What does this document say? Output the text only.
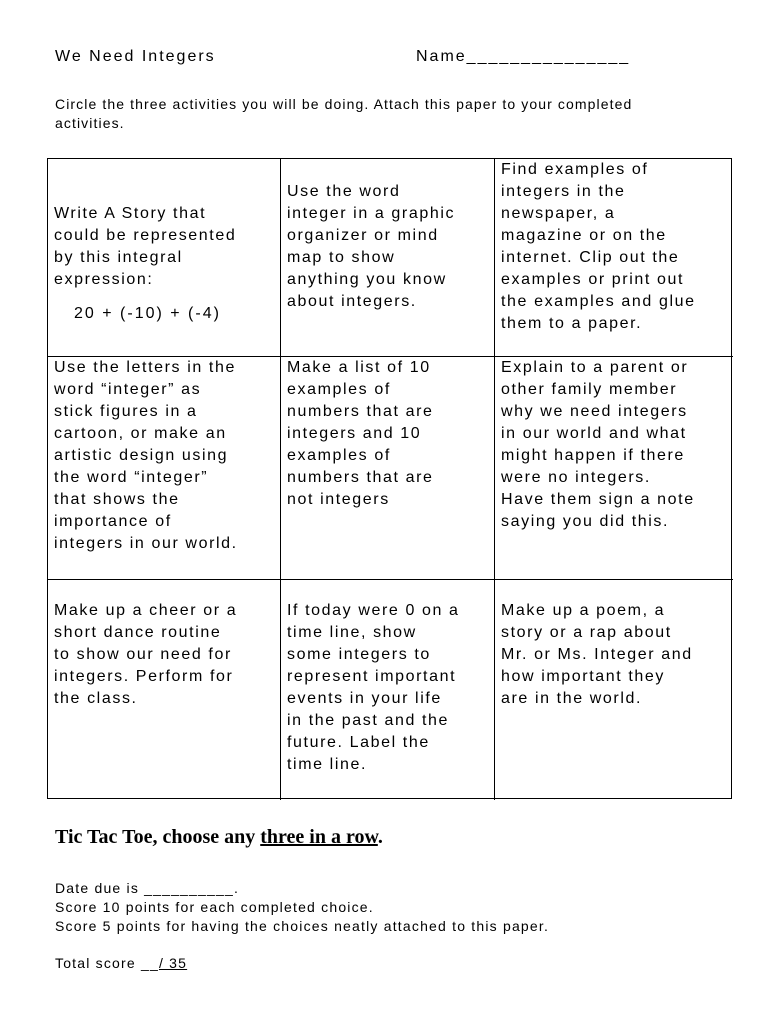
We Need Integers	Name_______________
Circle the three activities you will be doing. Attach this paper to your completed activities.

Write A Story that
could be represented
by this integral
expression:

20 + (-10) + (-4)

Use the word
integer in a graphic
organizer or mind
map to show
anything you know
about integers.
Find examples of
integers in the
newspaper, a
magazine or on the
internet. Clip out the
examples or print out
the examples and glue
them to a paper.
Use the letters in the
word “integer” as
stick figures in a
cartoon, or make an
artistic design using
the word “integer”
that shows the
importance of
integers in our world.
Make a list of 10
examples of
numbers that are
integers and 10
examples of
numbers that are
not integers
Explain to a parent or
other family member
why we need integers
in our world and what
might happen if there
were no integers.
Have them sign a note
saying you did this.
Make up a cheer or a
short dance routine
to show our need for
integers. Perform for
the class.
If today were 0 on a
time line, show
some integers to
represent important
events in your life
in the past and the
future. Label the
time line.
Make up a poem, a
story or a rap about
Mr. or Ms. Integer and
how important they
are in the world.
Tic Tac Toe, choose any three in a row.
Date due is __________.
Score 10 points for each completed choice.
Score 5 points for having the choices neatly attached to this paper.
Total score __/ 35
